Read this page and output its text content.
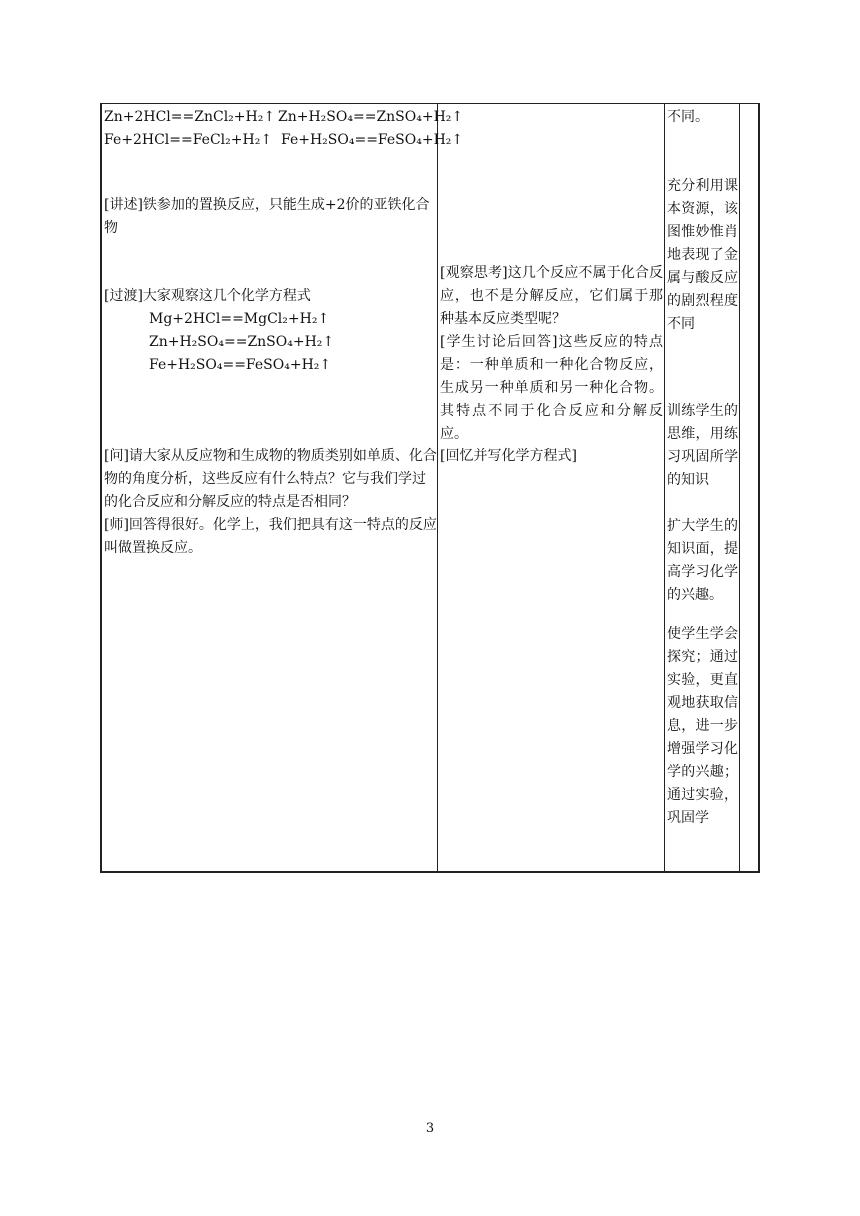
Zn+2HCl==ZnCl₂+H₂↑ Zn+H₂SO₄==ZnSO₄+H₂↑
Fe+2HCl==FeCl₂+H₂↑ Fe+H₂SO₄==FeSO₄+H₂↑
[讲述]铁参加的置换反应，只能生成+2价的亚铁化合物
[过渡]大家观察这几个化学方程式
Mg+2HCl==MgCl₂+H₂↑
Zn+H₂SO₄==ZnSO₄+H₂↑
Fe+H₂SO₄==FeSO₄+H₂↑
[问]请大家从反应物和生成物的物质类别如单质、化合物的角度分析，这些反应有什么特点？它与我们学过的化合反应和分解反应的特点是否相同？
[师]回答得很好。化学上，我们把具有这一特点的反应叫做置换反应。
[观察思考]这几个反应不属于化合反应，也不是分解反应，它们属于那种基本反应类型呢？
[学生讨论后回答]这些反应的特点是：一种单质和一种化合物反应，生成另一种单质和另一种化合物。其特点不同于化合反应和分解反应。
[回忆并写化学方程式]
不同。
充分利用课本资源，该图惟妙惟肖地表现了金属与酸反应的剧烈程度不同
训练学生的思维，用练习巩固所学的知识
扩大学生的知识面，提高学习化学的兴趣。
使学生学会探究；通过实验，更直观地获取信息，进一步增强学习化学的兴趣；通过实验，巩固学
3
